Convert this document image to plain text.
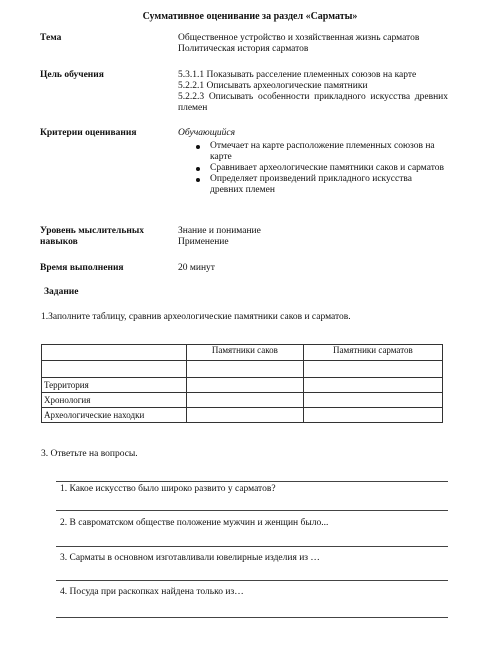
Суммативное оценивание за раздел «Сарматы»
Тема	Общественное устройство и хозяйственная жизнь сарматов
Политическая история сарматов
Цель обучения	5.3.1.1 Показывать расселение племенных союзов на карте
5.2.2.1 Описывать археологические памятники
5.2.2.3 Описывать особенности прикладного искусства древних племен
Критерии оценивания	Обучающийся
Отмечает на карте расположение племенных союзов на карте
Сравнивает археологические памятники саков и сарматов
Определяет произведений прикладного искусства древних племен
Уровень мыслительных
навыков
Знание и понимание
Применение
Время выполнения	20 минут
Задание
1.Заполните таблицу, сравнив археологические памятники саков и сарматов.
	Памятники саков	Памятники сарматов

Территория		
Хронология		
Археологические находки		
3. Ответьте на вопросы.
1. Какое искусство было широко развито у сарматов?
2. В савроматском обществе положение мужчин и женщин было...
3. Сарматы в основном изготавливали ювелирные изделия из …
4. Посуда при раскопках найдена только из…
